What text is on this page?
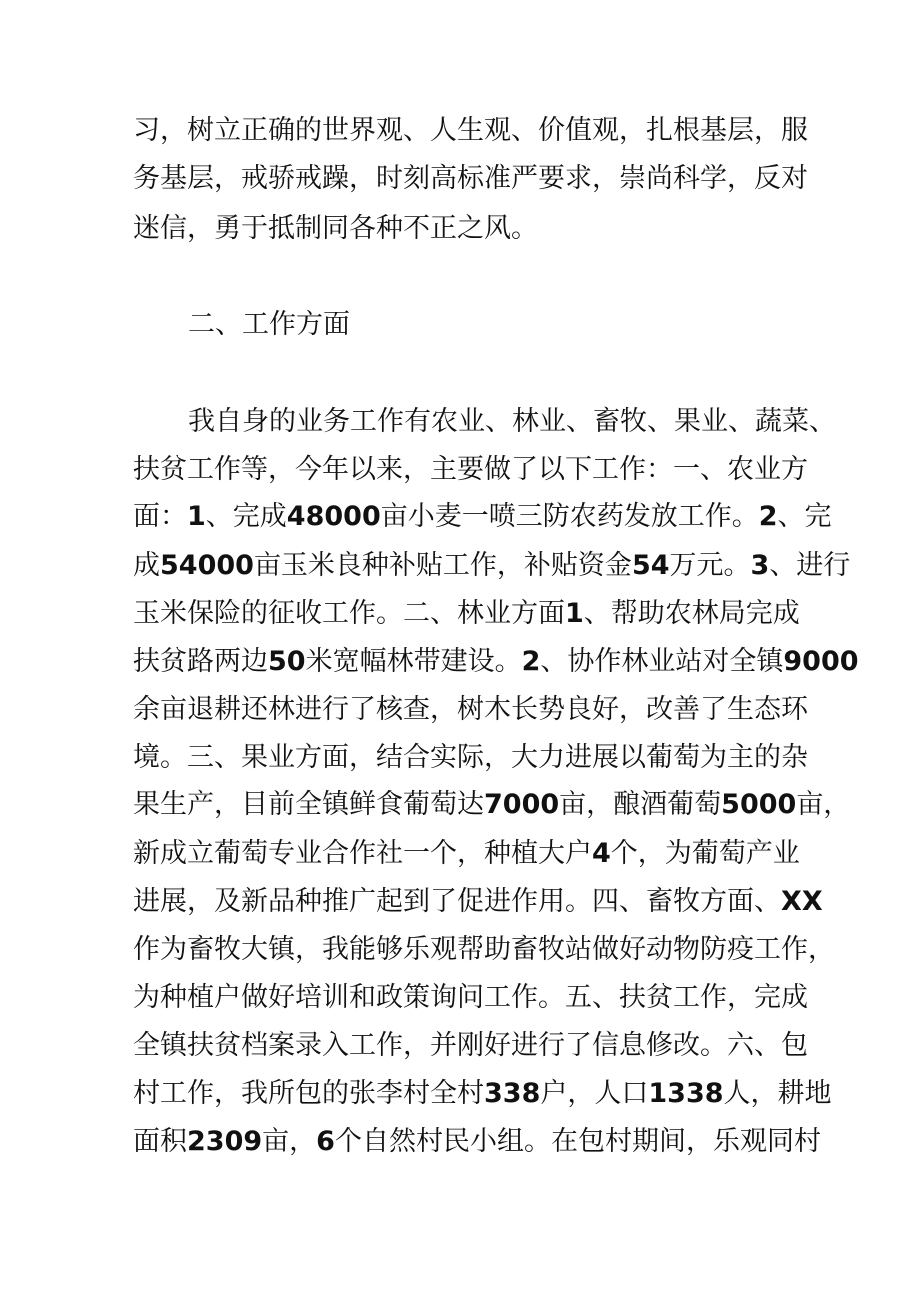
习，树立正确的世界观、人生观、价值观，扎根基层，服
务基层，戒骄戒躁，时刻高标准严要求，崇尚科学，反对
迷信，勇于抵制同各种不正之风。
二、工作方面
我自身的业务工作有农业、林业、畜牧、果业、蔬菜、
扶贫工作等，今年以来，主要做了以下工作：一、农业方
面：1、完成48000亩小麦一喷三防农药发放工作。2、完
成54000亩玉米良种补贴工作，补贴资金54万元。3、进行
玉米保险的征收工作。二、林业方面1、帮助农林局完成
扶贫路两边50米宽幅林带建设。2、协作林业站对全镇9000
余亩退耕还林进行了核查，树木长势良好，改善了生态环
境。三、果业方面，结合实际，大力进展以葡萄为主的杂
果生产，目前全镇鲜食葡萄达7000亩，酿酒葡萄5000亩，
新成立葡萄专业合作社一个，种植大户4个，为葡萄产业
进展，及新品种推广起到了促进作用。四、畜牧方面、XX
作为畜牧大镇，我能够乐观帮助畜牧站做好动物防疫工作，
为种植户做好培训和政策询问工作。五、扶贫工作，完成
全镇扶贫档案录入工作，并刚好进行了信息修改。六、包
村工作，我所包的张李村全村338户，人口1338人，耕地
面积2309亩，6个自然村民小组。在包村期间，乐观同村
